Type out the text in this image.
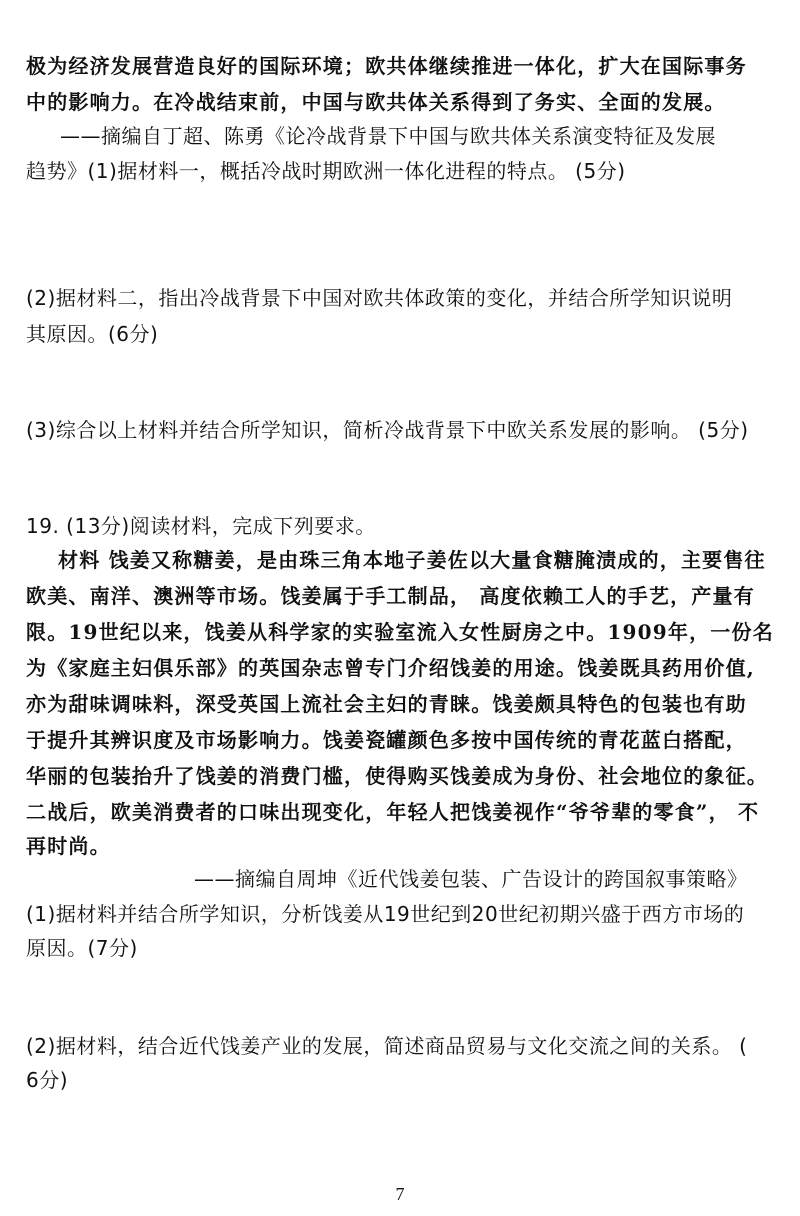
极为经济发展营造良好的国际环境；欧共体继续推进一体化，扩大在国际事务
中的影响力。在冷战结束前，中国与欧共体关系得到了务实、全面的发展。
——摘编自丁超、陈勇《论冷战背景下中国与欧共体关系演变特征及发展
趋势》(1)据材料一，概括冷战时期欧洲一体化进程的特点。 (5分)
(2)据材料二，指出冷战背景下中国对欧共体政策的变化，并结合所学知识说明
其原因。(6分)
(3)综合以上材料并结合所学知识，简析冷战背景下中欧关系发展的影响。 (5分)
19. (13分)阅读材料，完成下列要求。
材料 饯姜又称糖姜，是由珠三角本地子姜佐以大量食糖腌渍成的，主要售往
欧美、南洋、澳洲等市场。饯姜属于手工制品， 高度依赖工人的手艺，产量有
限。19世纪以来，饯姜从科学家的实验室流入女性厨房之中。1909年，一份名
为《家庭主妇俱乐部》的英国杂志曾专门介绍饯姜的用途。饯姜既具药用价值,
亦为甜味调味料，深受英国上流社会主妇的青睐。饯姜颇具特色的包装也有助
于提升其辨识度及市场影响力。饯姜瓷罐颜色多按中国传统的青花蓝白搭配，
华丽的包装抬升了饯姜的消费门槛，使得购买饯姜成为身份、社会地位的象征。
二战后，欧美消费者的口味出现变化，年轻人把饯姜视作“爷爷辈的零食”， 不
再时尚。
——摘编自周坤《近代饯姜包装、广告设计的跨国叙事策略》
(1)据材料并结合所学知识，分析饯姜从19世纪到20世纪初期兴盛于西方市场的
原因。(7分)
(2)据材料，结合近代饯姜产业的发展，简述商品贸易与文化交流之间的关系。 (
6分)
7
